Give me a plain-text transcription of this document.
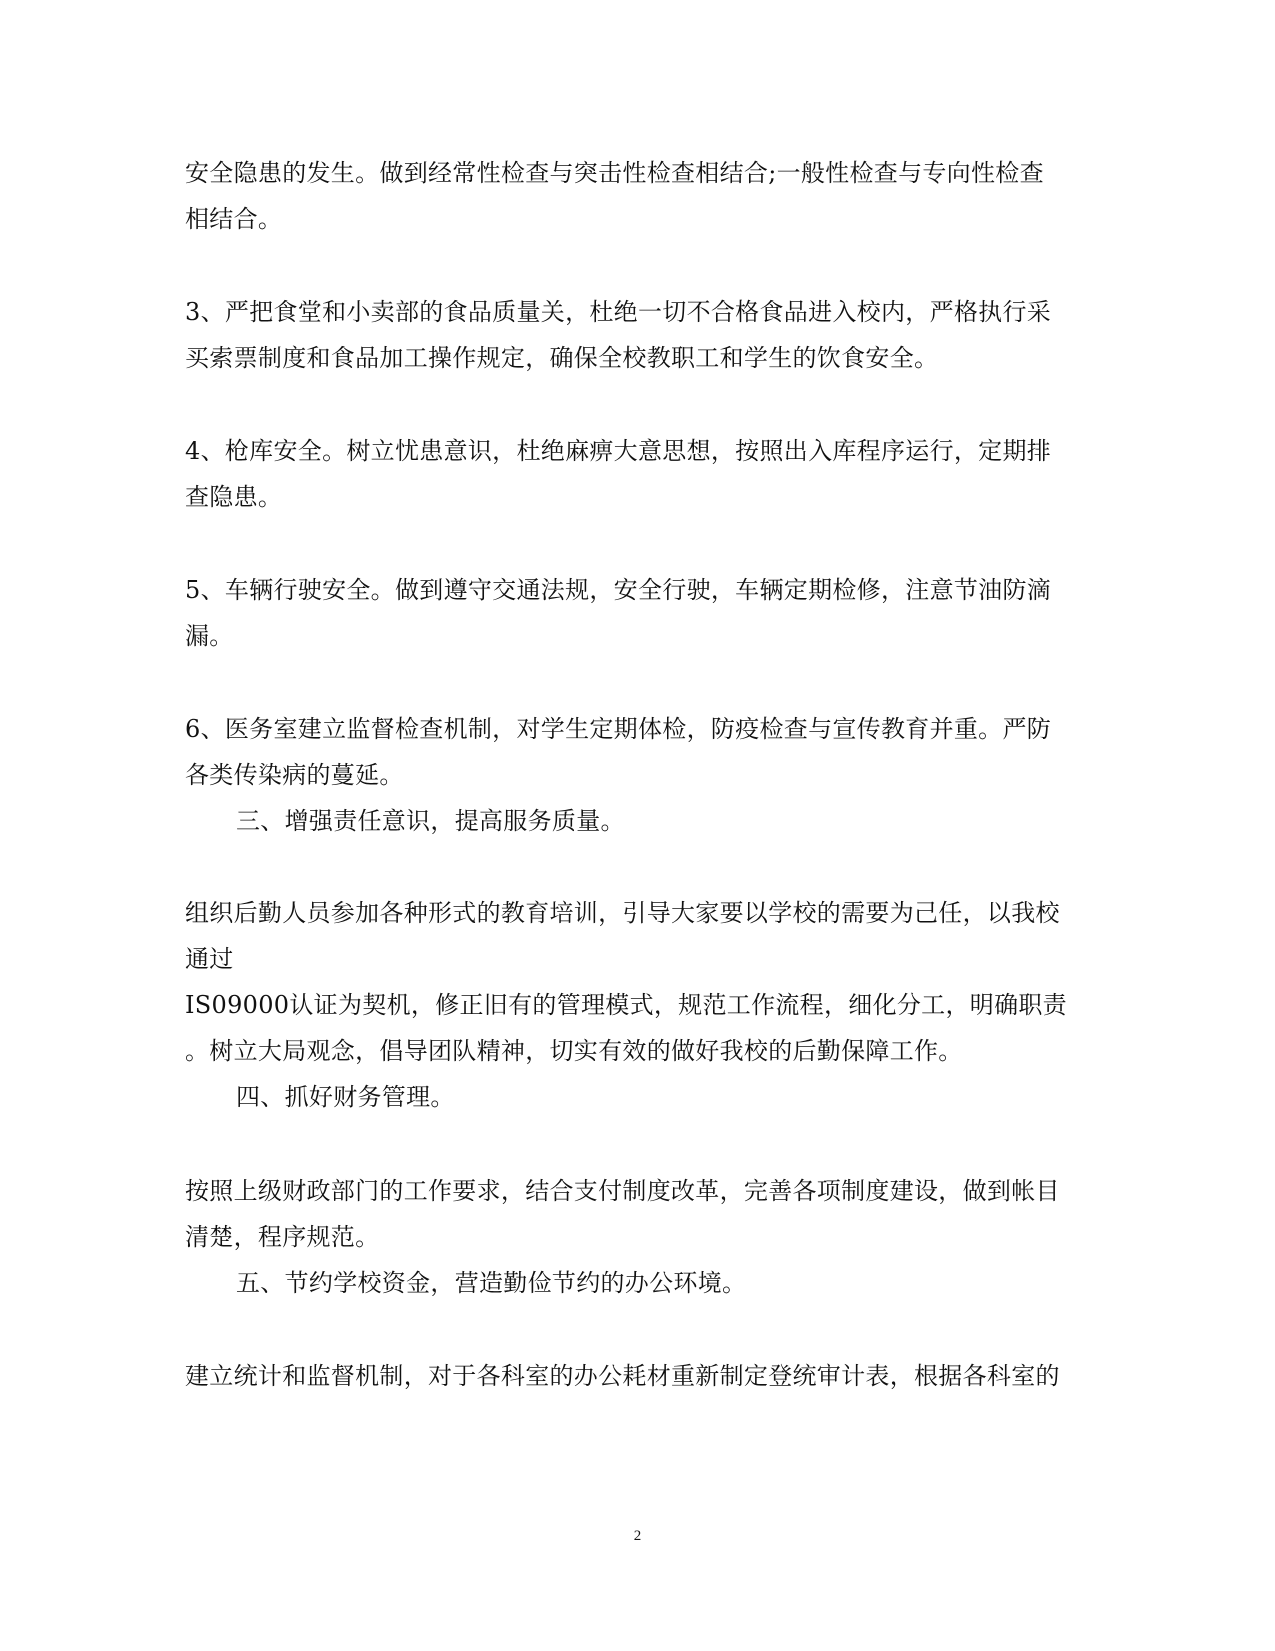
安全隐患的发生。做到经常性检查与突击性检查相结合;一般性检查与专向性检查
相结合。
3、严把食堂和小卖部的食品质量关，杜绝一切不合格食品进入校内，严格执行采
买索票制度和食品加工操作规定，确保全校教职工和学生的饮食安全。
4、枪库安全。树立忧患意识，杜绝麻痹大意思想，按照出入库程序运行，定期排
查隐患。
5、车辆行驶安全。做到遵守交通法规，安全行驶，车辆定期检修，注意节油防滴
漏。
6、医务室建立监督检查机制，对学生定期体检，防疫检查与宣传教育并重。严防
各类传染病的蔓延。
三、增强责任意识，提高服务质量。
组织后勤人员参加各种形式的教育培训，引导大家要以学校的需要为己任，以我校
通过
IS09000认证为契机，修正旧有的管理模式，规范工作流程，细化分工，明确职责
。树立大局观念，倡导团队精神，切实有效的做好我校的后勤保障工作。
四、抓好财务管理。
按照上级财政部门的工作要求，结合支付制度改革，完善各项制度建设，做到帐目
清楚，程序规范。
五、节约学校资金，营造勤俭节约的办公环境。
建立统计和监督机制，对于各科室的办公耗材重新制定登统审计表，根据各科室的
2
